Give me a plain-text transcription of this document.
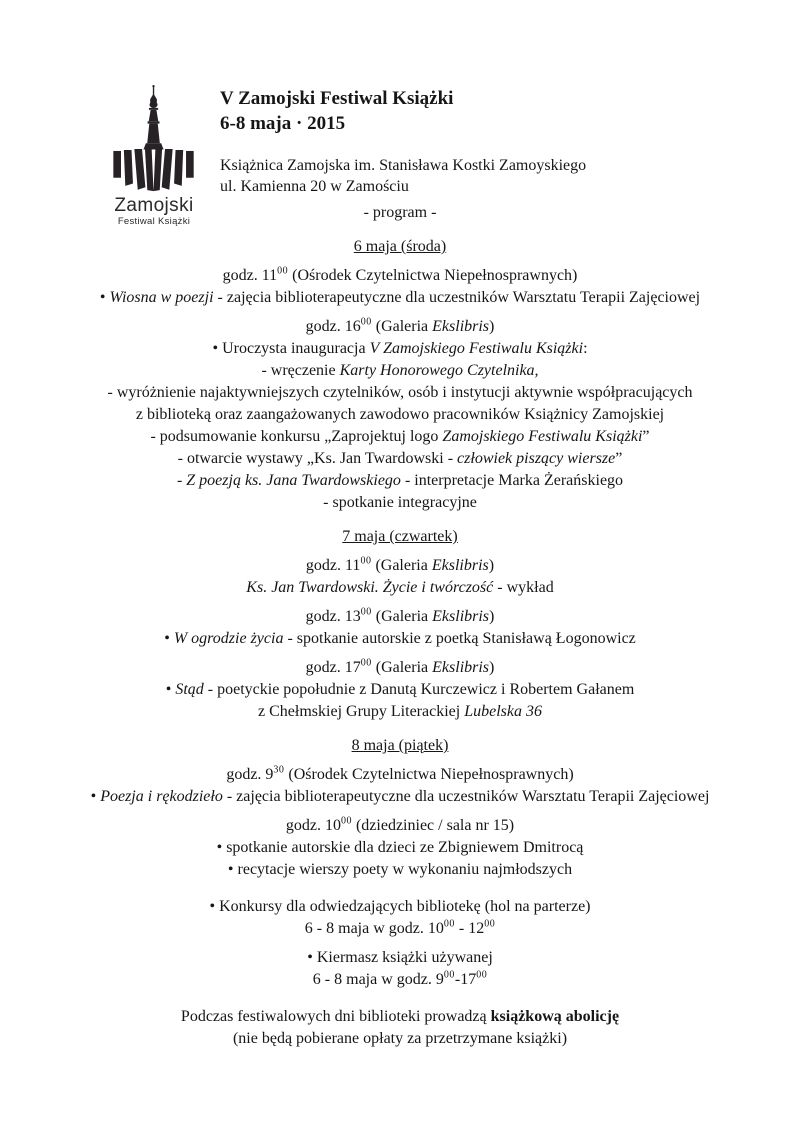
Zamojski
Festiwal Książki
V Zamojski Festiwal Książki
6-8 maja · 2015
Książnica Zamojska im. Stanisława Kostki Zamoyskiego
ul. Kamienna 20 w Zamościu
- program -
6 maja (środa)
godz. $11^{00}$ (Ośrodek Czytelnictwa Niepełnosprawnych)
• Wiosna w poezji - zajęcia biblioterapeutyczne dla uczestników Warsztatu Terapii Zajęciowej
godz. $16^{00}$ (Galeria Ekslibris)
• Uroczysta inauguracja V Zamojskiego Festiwalu Książki:
- wręczenie Karty Honorowego Czytelnika,
- wyróżnienie najaktywniejszych czytelników, osób i instytucji aktywnie współpracujących
z biblioteką oraz zaangażowanych zawodowo pracowników Książnicy Zamojskiej
- podsumowanie konkursu „Zaprojektuj logo Zamojskiego Festiwalu Książki”
- otwarcie wystawy „Ks. Jan Twardowski - człowiek piszący wiersze”
- Z poezją ks. Jana Twardowskiego - interpretacje Marka Żerańskiego
- spotkanie integracyjne
7 maja (czwartek)
godz. $11^{00}$ (Galeria Ekslibris)
Ks. Jan Twardowski. Życie i twórczość - wykład
godz. $13^{00}$ (Galeria Ekslibris)
• W ogrodzie życia - spotkanie autorskie z poetką Stanisławą Łogonowicz
godz. $17^{00}$ (Galeria Ekslibris)
• Stąd - poetyckie popołudnie z Danutą Kurczewicz i Robertem Gałanem
z Chełmskiej Grupy Literackiej Lubelska 36
8 maja (piątek)
godz. $9^{30}$ (Ośrodek Czytelnictwa Niepełnosprawnych)
• Poezja i rękodzieło - zajęcia biblioterapeutyczne dla uczestników Warsztatu Terapii Zajęciowej
godz. $10^{00}$ (dziedziniec / sala nr 15)
• spotkanie autorskie dla dzieci ze Zbigniewem Dmitrocą
• recytacje wierszy poety w wykonaniu najmłodszych
• Konkursy dla odwiedzających bibliotekę (hol na parterze)
6 - 8 maja w godz. $10^{00} - 12^{00}$
• Kiermasz książki używanej
6 - 8 maja w godz. $9^{00}-17^{00}$
Podczas festiwalowych dni biblioteki prowadzą książkową abolicję
(nie będą pobierane opłaty za przetrzymane książki)
